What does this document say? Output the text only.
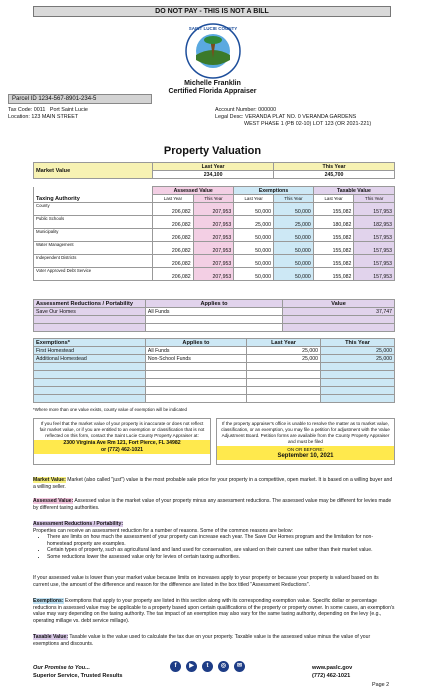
DO NOT PAY - THIS IS NOT A BILL
SAINT LUCIE COUNTY
Michelle Franklin
Certified Florida Appraiser
Parcel ID 1234-567-8901-234-5
Tax Code: 0011 Port Saint Lucie
Location: 123 MAIN STREET
Account Number: 000000
Legal Desc: VERANDA PLAT NO. 0 VERANDA GARDENS
WEST PHASE 1 (PB 02-10) LOT 123 (OR 2021-221)
Property Valuation
Market Value	Last Year	This Year
	234,100	245,700
Taxing Authority	Assessed Value		Exemptions		Taxable Value	
	Last Year	This Year	Last Year	This Year	Last Year	This Year
County	206,082	207,953	50,000	50,000	155,082	157,953
Public Schools	206,082	207,953	25,000	25,000	180,082	182,953
Municipality	206,082	207,953	50,000	50,000	155,082	157,953
Water Management	206,082	207,953	50,000	50,000	155,082	157,953
Independent Districts	206,082	207,953	50,000	50,000	155,082	157,953
Voter Approved Debt Service	206,082	207,953	50,000	50,000	155,082	157,953
Assessment Reductions / Portability	Applies to	Value
Save Our Homes	All Funds	37,747

Exemptions*	Applies to	Last Year	This Year
First Homestead	All Funds	25,000	25,000
Additional Homestead	Non-School Funds	25,000	25,000

*Where more than one value exists, county value of exemption will be indicated
If you feel that the market value of your property is inaccurate or does not reflect fair market value, or if you are entitled to an exemption or classification that is not reflected on this form, contact the Saint Lucie County Property Appraiser at:
2300 Virginia Ave Rm 121, Fort Pierce, FL 34982
or (772) 462-1021
If the property appraiser's office is unable to resolve the matter as to market value, classification, or an exemption, you may file a petition for adjustment with the Value Adjustment Board. Petition forms are available from the County Property Appraiser and must be filed
ON OR BEFORE:
September 10, 2021
Market Value: Market (also called "just") value is the most probable sale price for your property in a competitive, open market. It is based on a willing buyer and a willing seller.
Assessed Value: Assessed value is the market value of your property minus any assessment reductions. The assessed value may be different for levies made by different taxing authorities.
Assessment Reductions / Portability:
Properties can receive an assessment reduction for a number of reasons. Some of the common reasons are below:
• There are limits on how much the assessment of your property can increase each year. The Save Our Homes program and the limitation for non-homestead property are examples.
• Certain types of property, such as agricultural land and land used for conservation, are valued on their current use rather than their market value.
• Some reductions lower the assessed value only for levies of certain taxing authorities.
If your assessed value is lower than your market value because limits on increases apply to your property or because your property is valued based on its current use, the amount of the difference and reason for the difference are listed in the box titled "Assessment Reductions".
Exemptions: Exemptions that apply to your property are listed in this section along with its corresponding exemption value. Specific dollar or percentage reductions in assessed value may be applicable to a property based upon certain qualifications of the property or property owner. In some cases, an exemption's value may vary depending on the taxing authority. The tax impact of an exemption may also vary for the same taxing authority, depending on the levy (e.g., operating millage vs. debt service millage).
Taxable Value: Taxable value is the value used to calculate the tax due on your property. Taxable value is the assessed value minus the value of your exemptions and discounts.
Our Promise to You...
Superior Service, Trusted Results
f	▶	t	◎	✉	www.paslc.gov
(772) 462-1021
Page 2
